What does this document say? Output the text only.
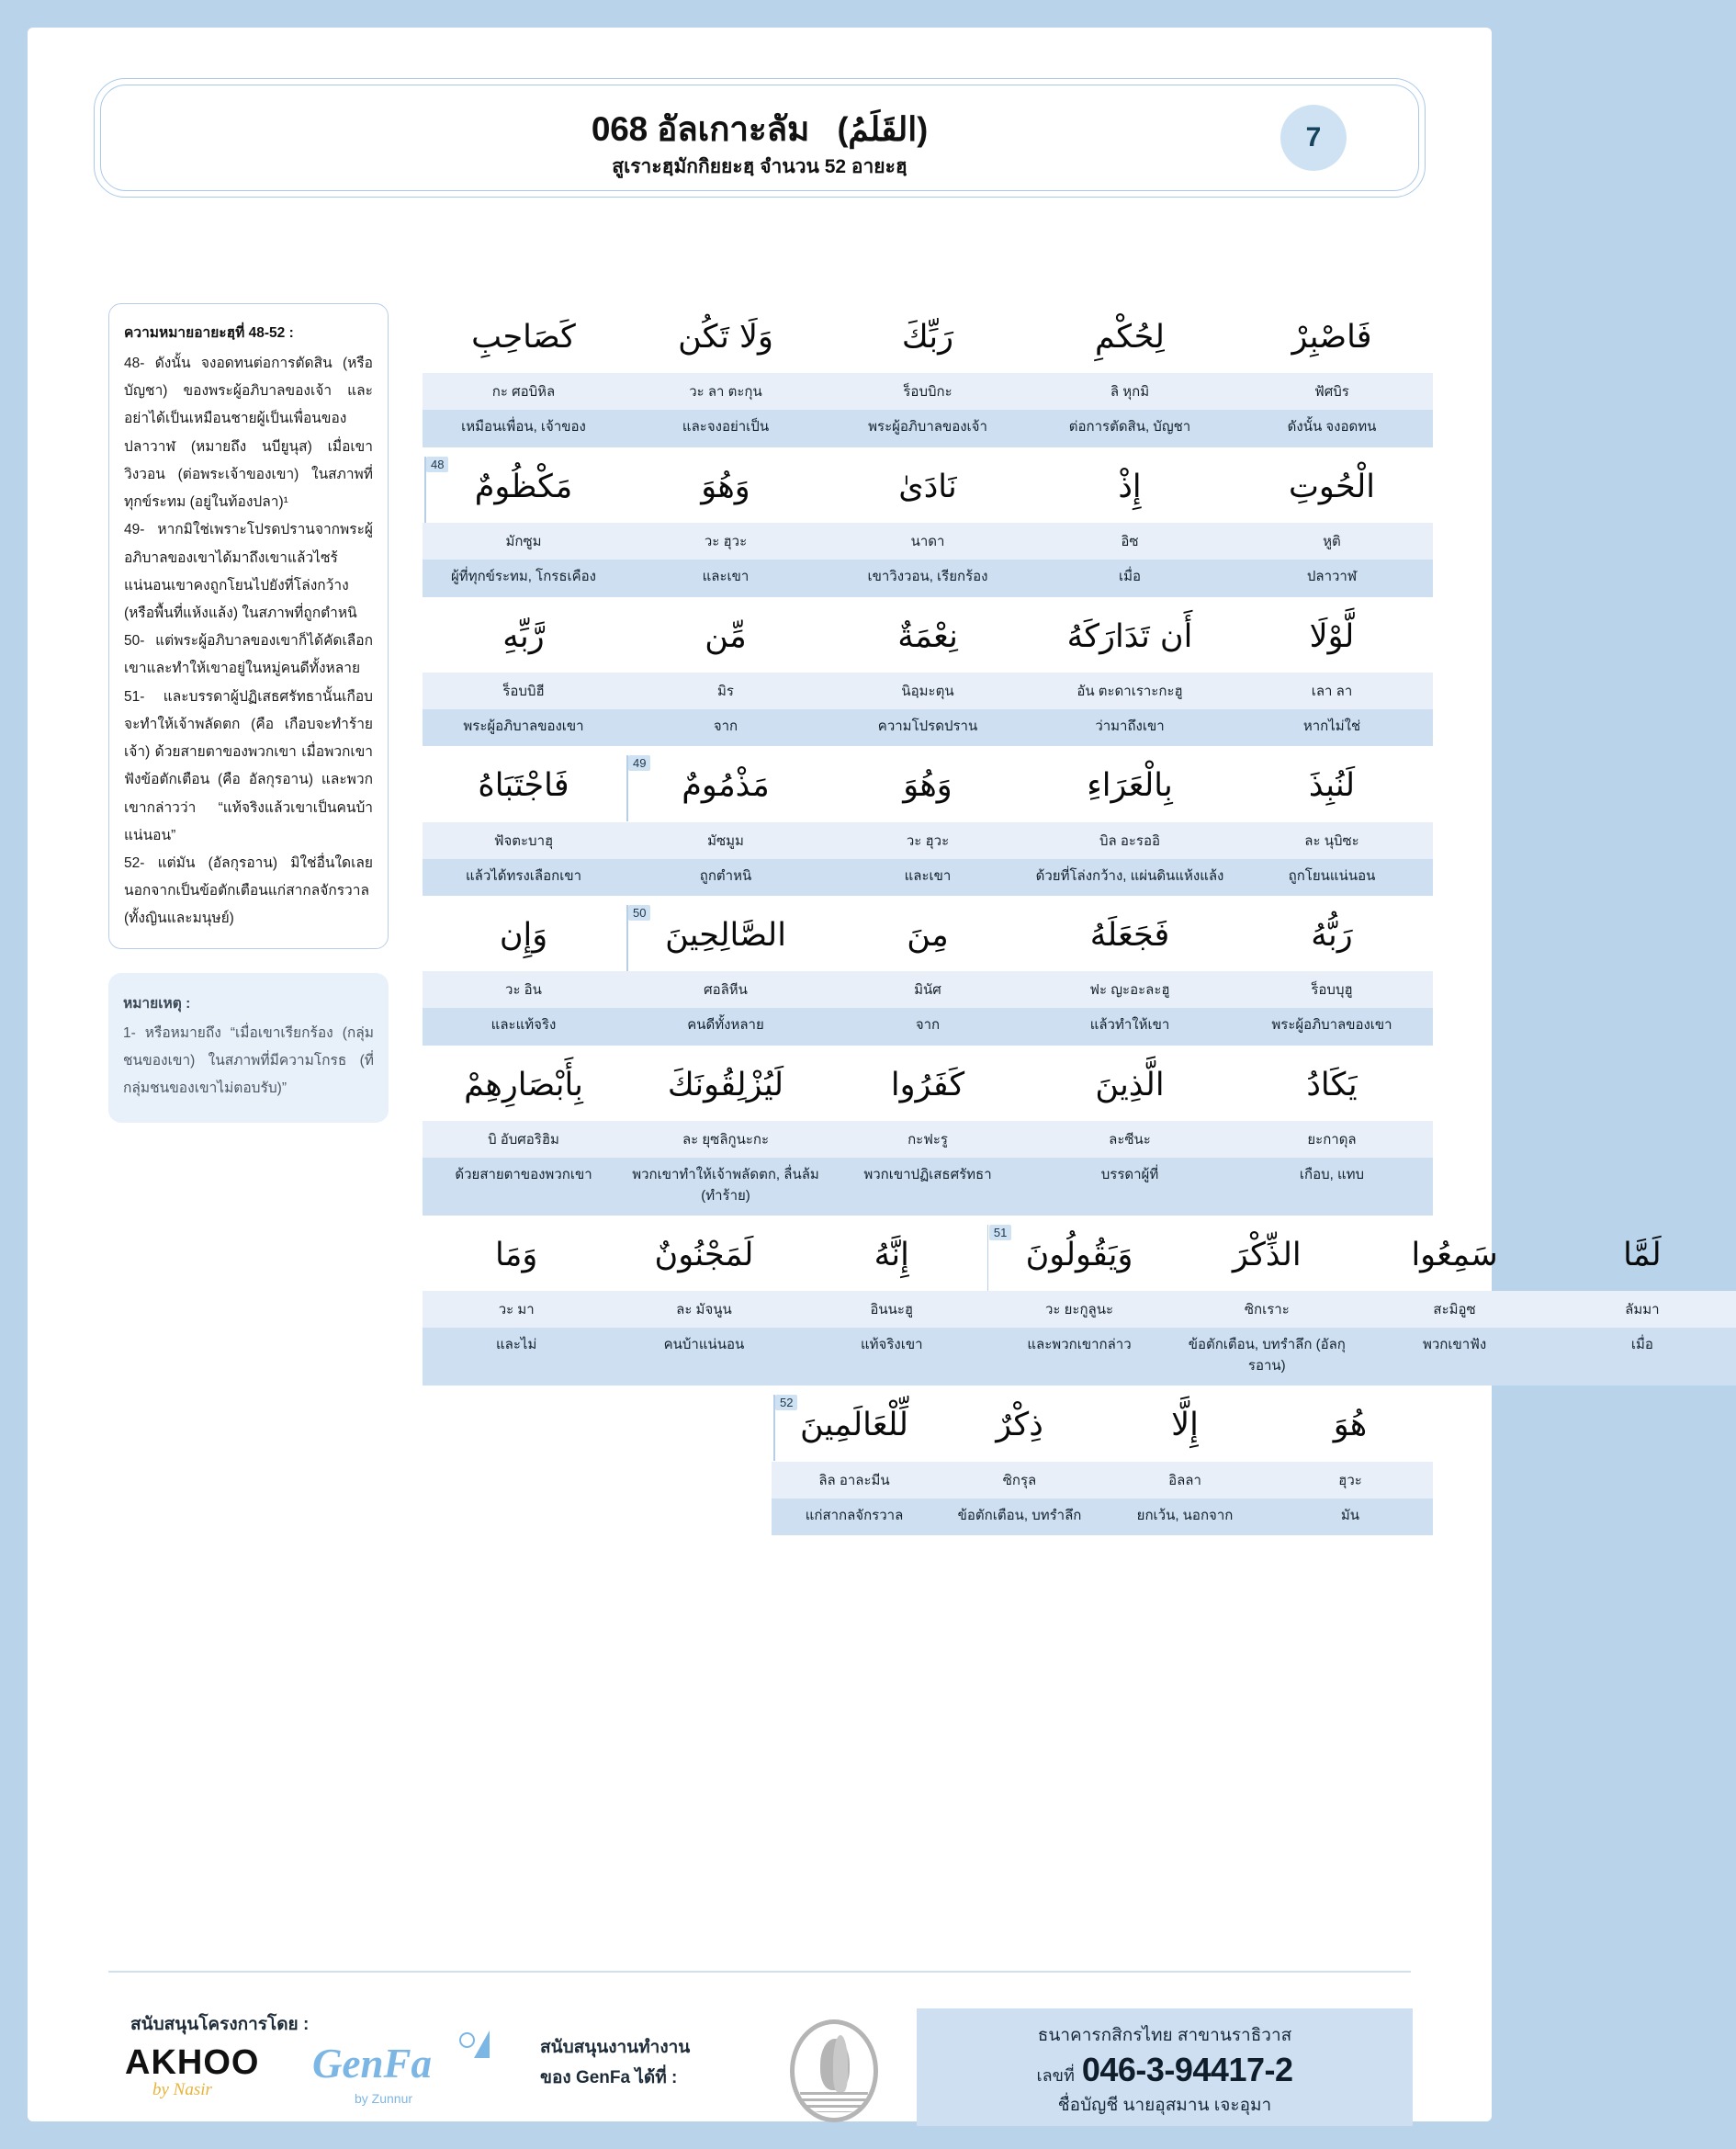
068 อัลเกาะลัม (القَلَمُ)
สูเราะฮฺมักกิยยะฮฺ จำนวน 52 อายะฮฺ
7
ความหมายอายะฮฺที่ 48-52 :
48- ดังนั้น จงอดทนต่อการตัดสิน (หรือบัญชา) ของพระผู้อภิบาลของเจ้า และอย่าได้เป็นเหมือนชายผู้เป็นเพื่อนของปลาวาฬ (หมายถึง นบียูนุส) เมื่อเขาวิงวอน (ต่อพระเจ้าของเขา) ในสภาพที่ทุกข์ระทม (อยู่ในท้องปลา)¹
49- หากมิใช่เพราะโปรดปรานจากพระผู้อภิบาลของเขาได้มาถึงเขาแล้วไซร้ แน่นอนเขาคงถูกโยนไปยังที่โล่งกว้าง (หรือพื้นที่แห้งแล้ง) ในสภาพที่ถูกตำหนิ
50- แต่พระผู้อภิบาลของเขาก็ได้คัดเลือกเขาและทำให้เขาอยู่ในหมู่คนดีทั้งหลาย
51- และบรรดาผู้ปฏิเสธศรัทธานั้นเกือบจะทำให้เจ้าพลัดตก (คือ เกือบจะทำร้ายเจ้า) ด้วยสายตาของพวกเขา เมื่อพวกเขาฟังข้อตักเตือน (คือ อัลกุรอาน) และพวกเขากล่าวว่า “แท้จริงแล้วเขาเป็นคนบ้าแน่นอน”
52- แต่มัน (อัลกุรอาน) มิใช่อื่นใดเลยนอกจากเป็นข้อตักเตือนแก่สากลจักรวาล (ทั้งญินและมนุษย์)
หมายเหตุ :
1- หรือหมายถึง “เมื่อเขาเรียกร้อง (กลุ่มชนของเขา) ในสภาพที่มีความโกรธ (ที่กลุ่มชนของเขาไม่ตอบรับ)”
فَاصْبِرْ
لِحُكْمِ
رَبِّكَ
وَلَا تَكُن
كَصَاحِبِ
ฟัศบิร
ลิ หุกมิ
ร็อบบิกะ
วะ ลา ตะกุน
กะ ศอบิหิล
ดังนั้น จงอดทน
ต่อการตัดสิน, บัญชา
พระผู้อภิบาลของเจ้า
และจงอย่าเป็น
เหมือนเพื่อน, เจ้าของ
الْحُوتِ
إِذْ
نَادَىٰ
وَهُوَ
مَكْظُومٌ
หูติ
อิซ
นาดา
วะ ฮุวะ
มักซูม
ปลาวาฬ
เมื่อ
เขาวิงวอน, เรียกร้อง
และเขา
ผู้ที่ทุกข์ระทม, โกรธเคือง
48
لَّوْلَا
أَن تَدَارَكَهُ
نِعْمَةٌ
مِّن
رَّبِّهِ
เลา ลา
อัน ตะดาเราะกะฮู
นิอฺมะตุน
มิร
ร็อบบิฮี
หากไม่ใช่
ว่ามาถึงเขา
ความโปรดปราน
จาก
พระผู้อภิบาลของเขา
لَنُبِذَ
بِالْعَرَاءِ
وَهُوَ
مَذْمُومٌ
فَاجْتَبَاهُ
ละ นุบิซะ
บิล อะรออิ
วะ ฮุวะ
มัซมูม
ฟัจตะบาฮุ
ถูกโยนแน่นอน
ด้วยที่โล่งกว้าง, แผ่นดินแห้งแล้ง
และเขา
ถูกตำหนิ
แล้วได้ทรงเลือกเขา
49
رَبُّهُ
فَجَعَلَهُ
مِنَ
الصَّالِحِينَ
وَإِن
ร็อบบุฮู
ฟะ ญะอะละฮู
มินัศ
ศอลิหีน
วะ อิน
พระผู้อภิบาลของเขา
แล้วทำให้เขา
จาก
คนดีทั้งหลาย
และแท้จริง
50
يَكَادُ
الَّذِينَ
كَفَرُوا
لَيُزْلِقُونَكَ
بِأَبْصَارِهِمْ
ยะกาดุล
ละซีนะ
กะฟะรู
ละ ยุซลิกูนะกะ
บิ อับศอริฮิม
เกือบ, แทบ
บรรดาผู้ที่
พวกเขาปฏิเสธศรัทธา
พวกเขาทำให้เจ้าพลัดตก, ลื่นล้ม (ทำร้าย)
ด้วยสายตาของพวกเขา
لَمَّا
سَمِعُوا
الذِّكْرَ
وَيَقُولُونَ
إِنَّهُ
لَمَجْنُونٌ
وَمَا
ลัมมา
สะมิอูซ
ซิกเราะ
วะ ยะกูลูนะ
อินนะฮู
ละ มัจนูน
วะ มา
เมื่อ
พวกเขาฟัง
ข้อตักเตือน, บทรำลึก (อัลกุรอาน)
และพวกเขากล่าว
แท้จริงเขา
คนบ้าแน่นอน
และไม่
51
هُوَ
إِلَّا
ذِكْرٌ
لِّلْعَالَمِينَ
ฮุวะ
อิลลา
ซิกรุล
ลิล อาละมีน
มัน
ยกเว้น, นอกจาก
ข้อตักเตือน, บทรำลึก
แก่สากลจักรวาล
52
สนับสนุนโครงการโดย :
AKHOO
by Nasir
GenFa
by Zunnur
สนับสนุนงานทำงาน
ของ GenFa ได้ที่ :
ธนาคารกสิกรไทย สาขานราธิวาส
เลขที่ 046-3-94417-2
ชื่อบัญชี นายอุสมาน เจะอุมา
